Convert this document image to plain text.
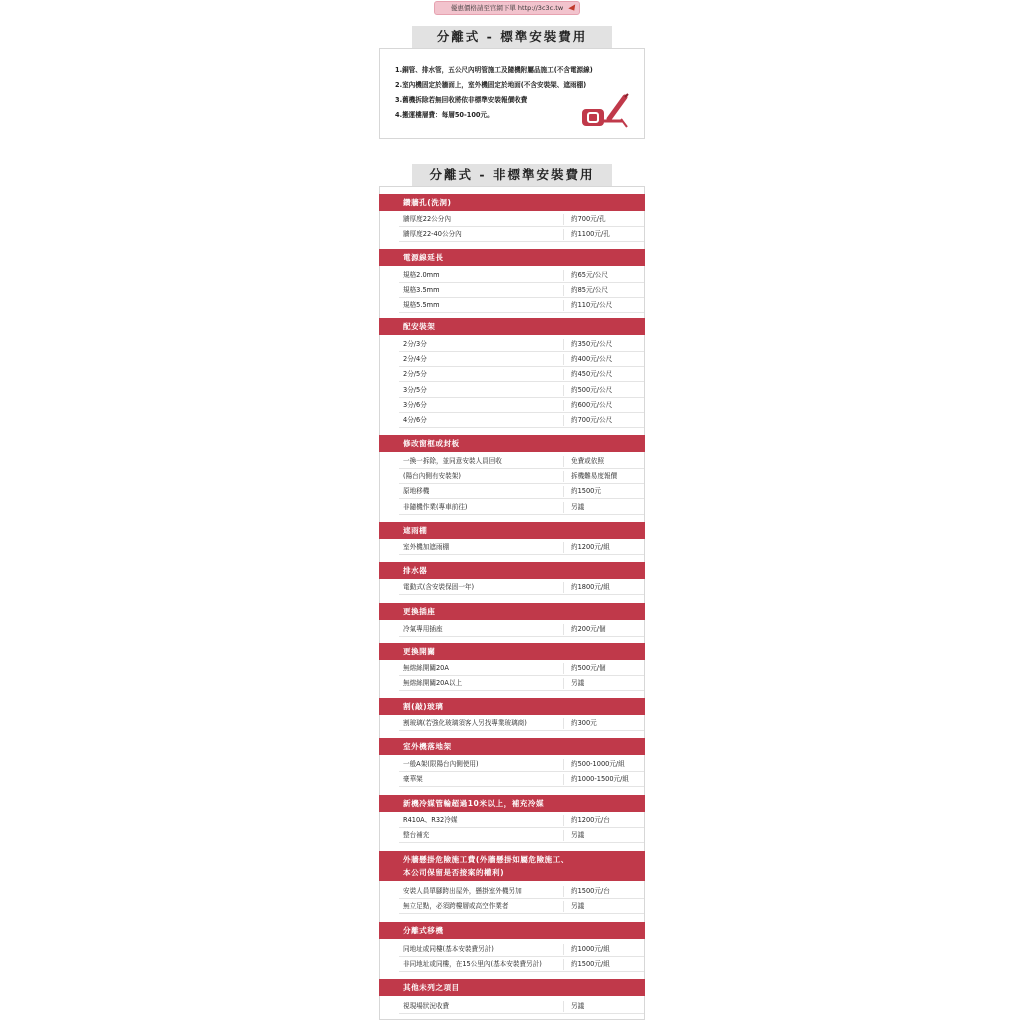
優惠價格請至官網下單 http://3c3c.tw
分離式 - 標準安裝費用
1.銅管、排水管，五公尺內明管施工及隨機附屬品施工(不含電源線)
2.室內機固定於牆面上，室外機固定於地面(不含安裝架、遮雨棚)
3.舊機拆除若無回收將依非標準安裝報價收費
4.搬運樓層費：每層50-100元。
分離式 - 非標準安裝費用
鑽牆孔(洗洞)
牆厚度22公分內	約700元/孔
牆厚度22-40公分內	約1100元/孔
電源線延長
規格2.0mm	約65元/公尺
規格3.5mm	約85元/公尺
規格5.5mm	約110元/公尺
配安裝架
2分/3分	約350元/公尺
2分/4分	約400元/公尺
2分/5分	約450元/公尺
3分/5分	約500元/公尺
3分/6分	約600元/公尺
4分/6分	約700元/公尺
修改窗框或封板
一換一拆除，並同意安裝人員回收	免費或依照
(陽台內側有安裝架)	拆機難易度報價
原地移機	約1500元
非隨機作業(專車前往)	另議
遮雨棚
室外機加遮雨棚	約1200元/組
排水器
電動式(含安裝保固一年)	約1800元/組
更換插座
冷氣專用插座	約200元/個
更換開關
無熔絲開關20A	約500元/個
無熔絲開關20A以上	另議
割(敲)玻璃
割玻璃(若強化玻璃須客人另找專業玻璃商)	約300元
室外機落地架
一般A架(限陽台內側使用)	約500-1000元/組
豪華架	約1000-1500元/組
新機冷媒管輪超過10米以上，補充冷媒
R410A、R32冷媒	約1200元/台
整台補充	另議
外牆懸掛危險施工費(外牆懸掛如屬危險施工、
本公司保留是否接案的權利)
安裝人員單腳跨出屋外，懸掛室外機另加	約1500元/台
無立足點，必須跨樓層或高空作業者	另議
分離式移機
同地址或同樓(基本安裝費另計)	約1000元/組
非同地址或同樓，在15公里內(基本安裝費另計)	約1500元/組
其他未列之項目
視現場狀況收費	另議
